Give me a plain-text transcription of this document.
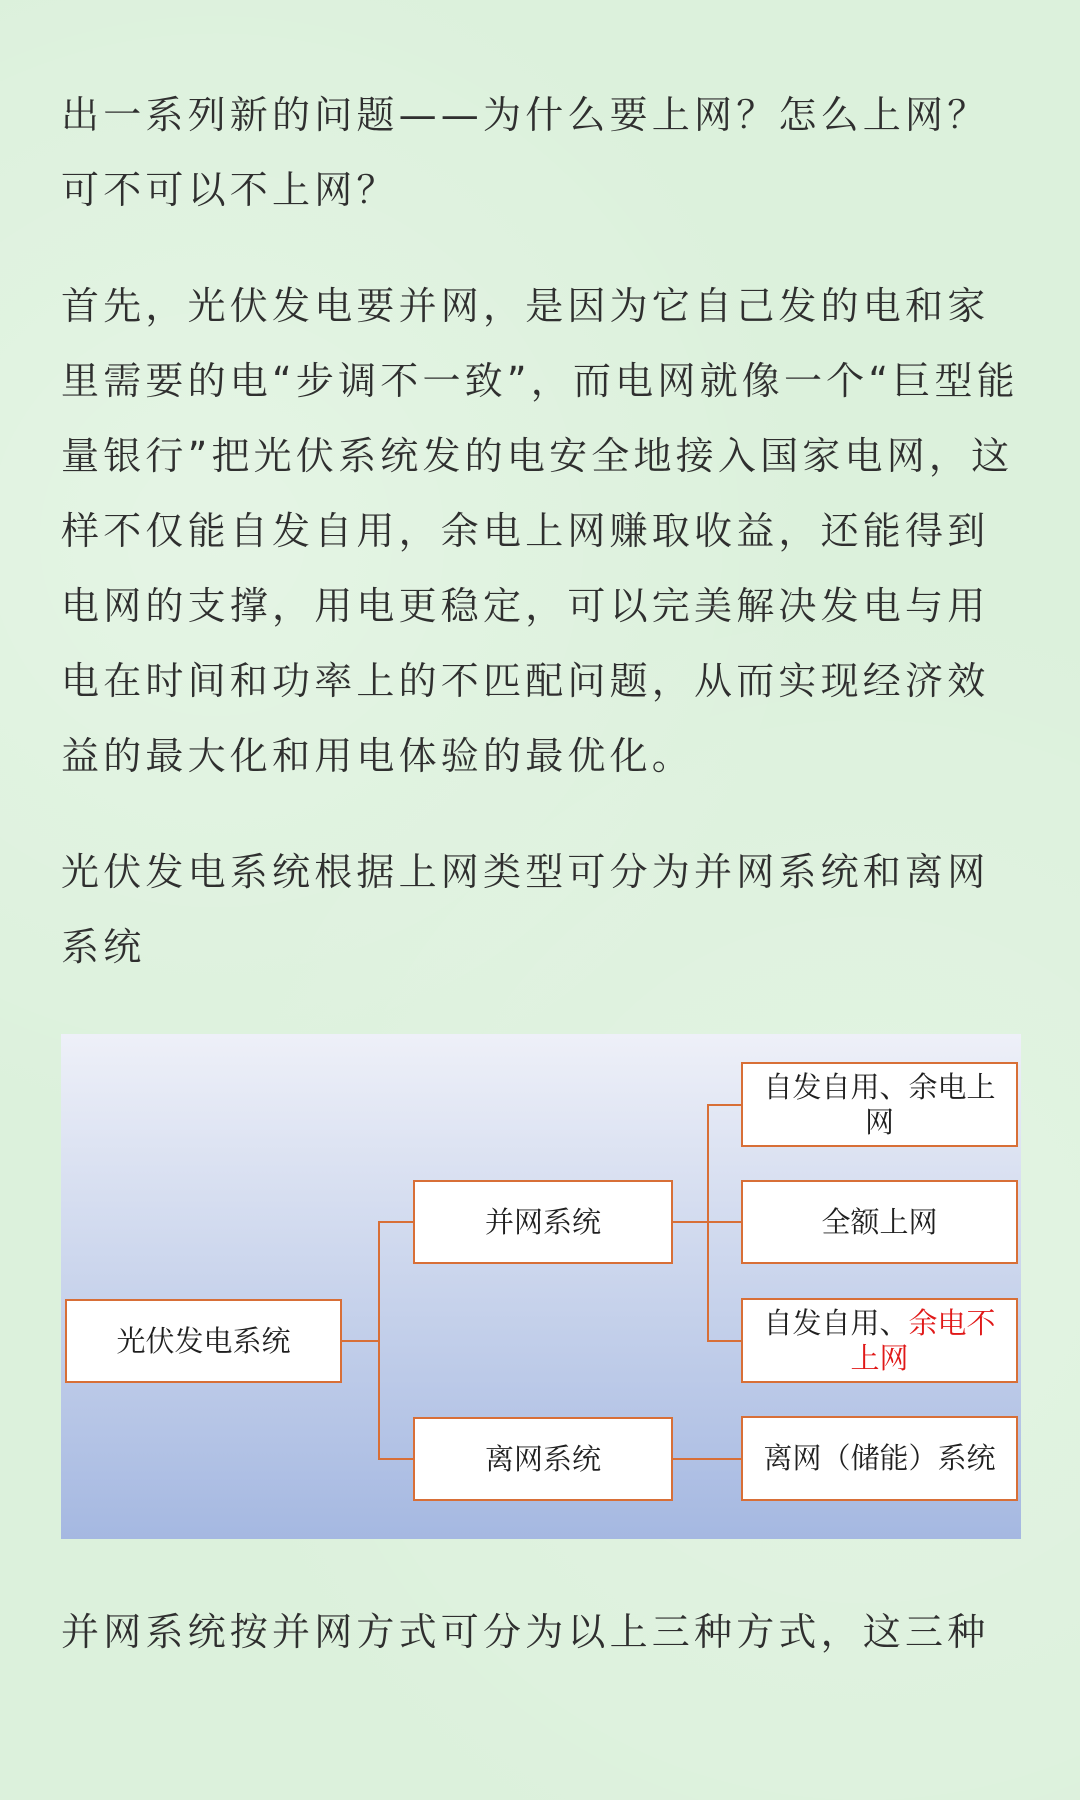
出一系列新的问题——为什么要上网？怎么上网？可不可以不上网？

首先，光伏发电要并网，是因为它自己发的电和家里需要的电“步调不一致”，而电网就像一个“巨型能量银行”把光伏系统发的电安全地接入国家电网，这样不仅能自发自用，余电上网赚取收益，还能得到电网的支撑，用电更稳定，可以完美解决发电与用电在时间和功率上的不匹配问题，从而实现经济效益的最大化和用电体验的最优化。

光伏发电系统根据上网类型可分为并网系统和离网系统

光伏发电系统
并网系统
离网系统
自发自用、余电上网
全额上网
自发自用、余电不上网
离网（储能）系统

并网系统按并网方式可分为以上三种方式，这三种
